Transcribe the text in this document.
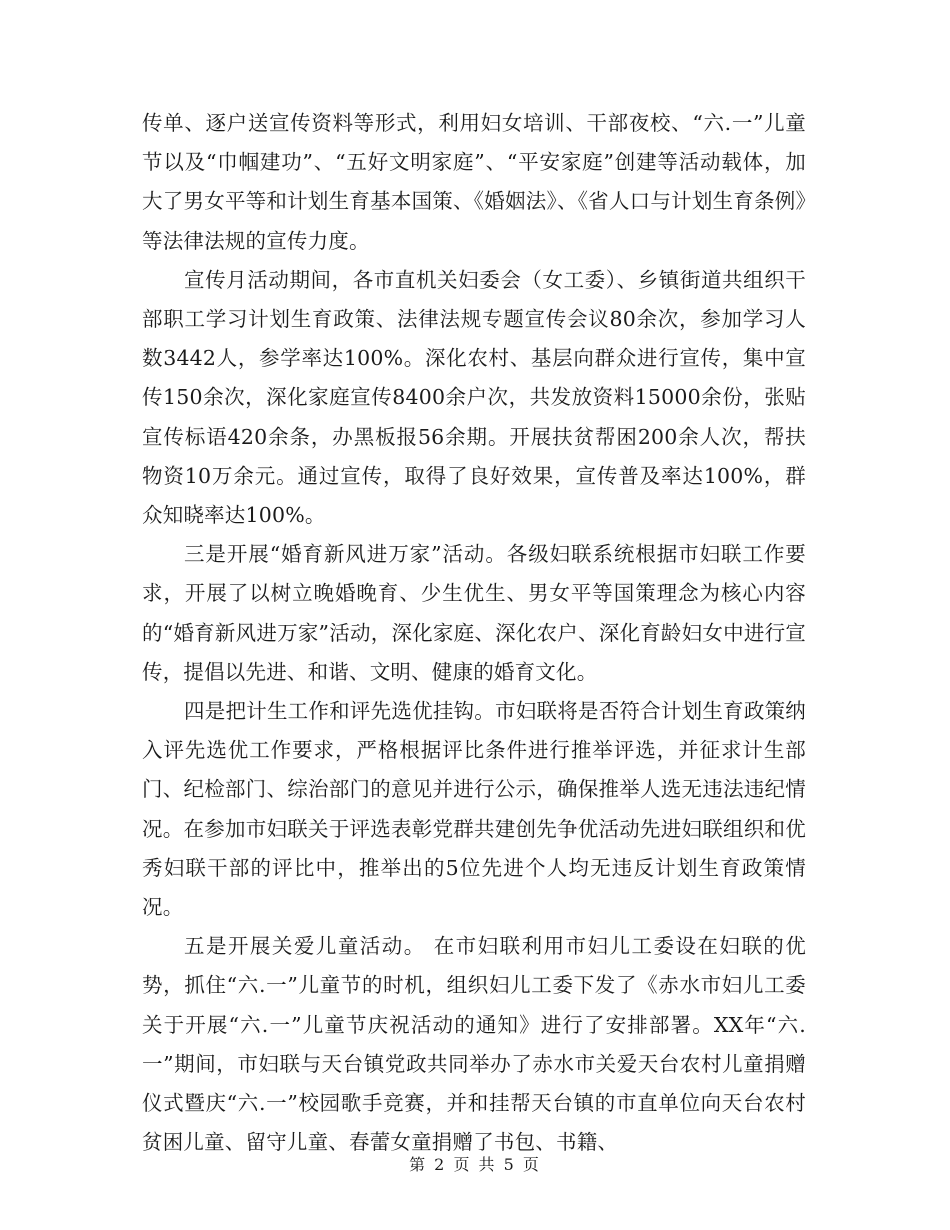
传单、逐户送宣传资料等形式，利用妇女培训、干部夜校、“六.一”儿童节以及“巾帼建功”、“五好文明家庭”、“平安家庭”创建等活动载体，加大了男女平等和计划生育基本国策、《婚姻法》、《省人口与计划生育条例》等法律法规的宣传力度。

宣传月活动期间，各市直机关妇委会（女工委）、乡镇街道共组织干部职工学习计划生育政策、法律法规专题宣传会议80余次，参加学习人数3442人，参学率达100%。深化农村、基层向群众进行宣传，集中宣传150余次，深化家庭宣传8400余户次，共发放资料15000余份，张贴宣传标语420余条，办黑板报56余期。开展扶贫帮困200余人次，帮扶物资10万余元。通过宣传，取得了良好效果，宣传普及率达100%，群众知晓率达100%。

三是开展“婚育新风进万家”活动。各级妇联系统根据市妇联工作要求，开展了以树立晚婚晚育、少生优生、男女平等国策理念为核心内容的“婚育新风进万家”活动，深化家庭、深化农户、深化育龄妇女中进行宣传，提倡以先进、和谐、文明、健康的婚育文化。

四是把计生工作和评先选优挂钩。市妇联将是否符合计划生育政策纳入评先选优工作要求，严格根据评比条件进行推举评选，并征求计生部门、纪检部门、综治部门的意见并进行公示，确保推举人选无违法违纪情况。在参加市妇联关于评选表彰党群共建创先争优活动先进妇联组织和优秀妇联干部的评比中，推举出的5位先进个人均无违反计划生育政策情况。

五是开展关爱儿童活动。 在市妇联利用市妇儿工委设在妇联的优势，抓住“六.一”儿童节的时机，组织妇儿工委下发了《赤水市妇儿工委关于开展“六.一”儿童节庆祝活动的通知》进行了安排部署。XX年“六.一”期间，市妇联与天台镇党政共同举办了赤水市关爱天台农村儿童捐赠仪式暨庆“六.一”校园歌手竞赛，并和挂帮天台镇的市直单位向天台农村贫困儿童、留守儿童、春蕾女童捐赠了书包、书籍、

第 2 页 共 5 页
